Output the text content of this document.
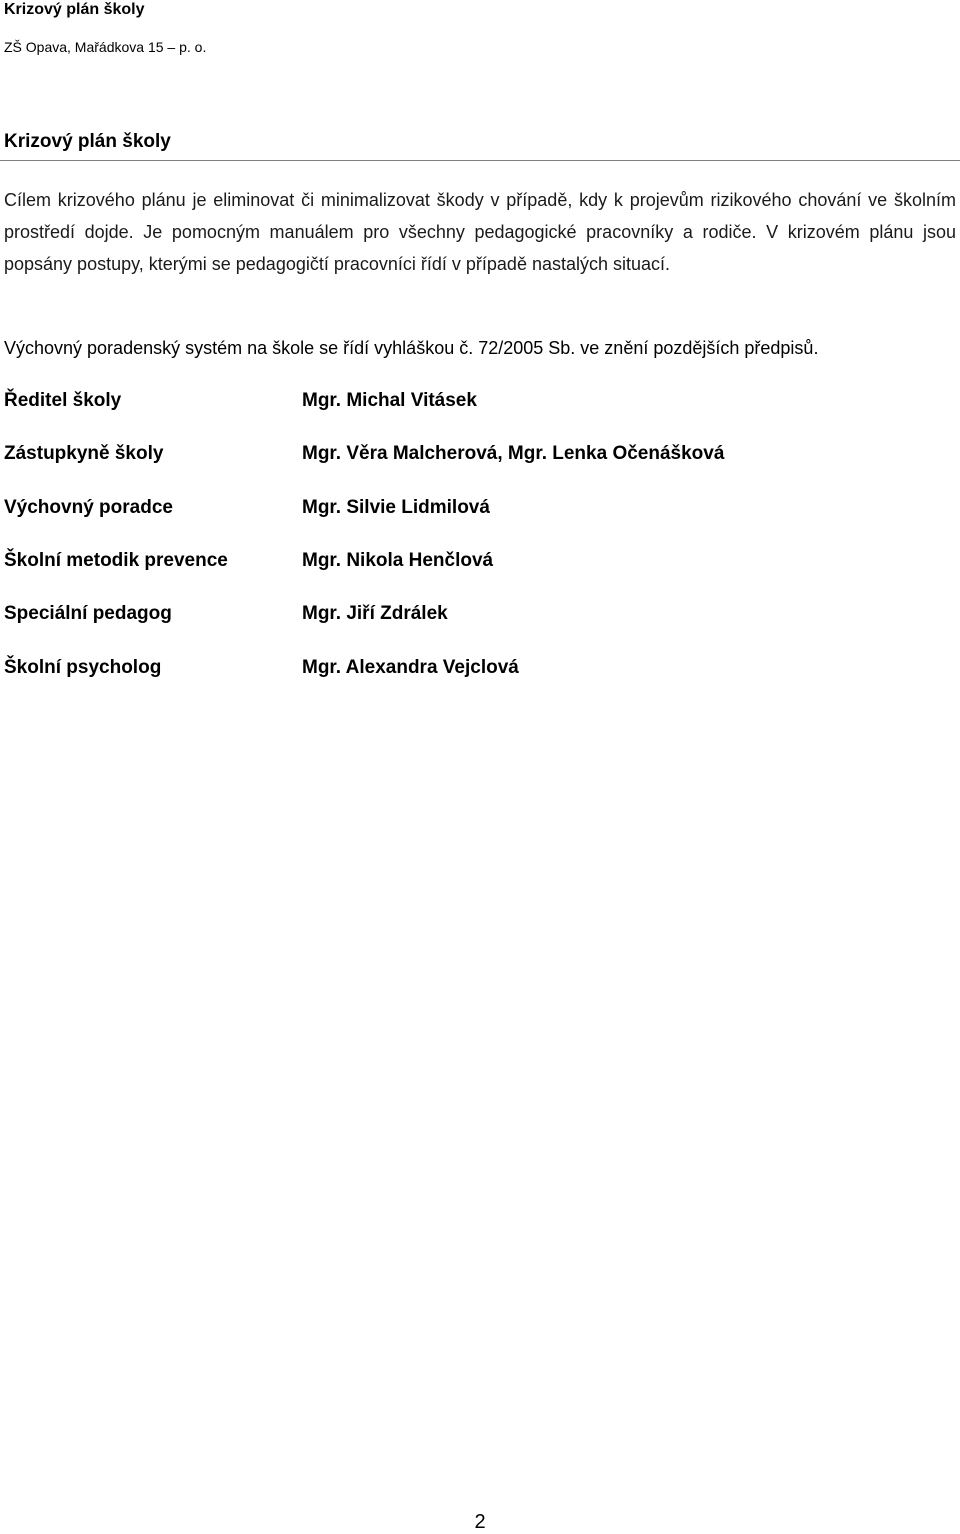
Krizový plán školy
ZŠ Opava, Mařádkova 15 – p. o.
Krizový plán školy
Cílem krizového plánu je eliminovat či minimalizovat škody v případě, kdy k projevům rizikového chování ve školním prostředí dojde. Je pomocným manuálem pro všechny pedagogické pracovníky a rodiče. V krizovém plánu jsou popsány postupy, kterými se pedagogičtí pracovníci řídí v případě nastalých situací.
Výchovný poradenský systém na škole se řídí vyhláškou č. 72/2005 Sb. ve znění pozdějších předpisů.
Ředitel školy	Mgr. Michal Vitásek
Zástupkyně školy	Mgr. Věra Malcherová, Mgr. Lenka Očenášková
Výchovný poradce	Mgr. Silvie Lidmilová
Školní metodik prevence	Mgr. Nikola Henčlová
Speciální pedagog	Mgr. Jiří Zdrálek
Školní psycholog	Mgr. Alexandra Vejclová
2
